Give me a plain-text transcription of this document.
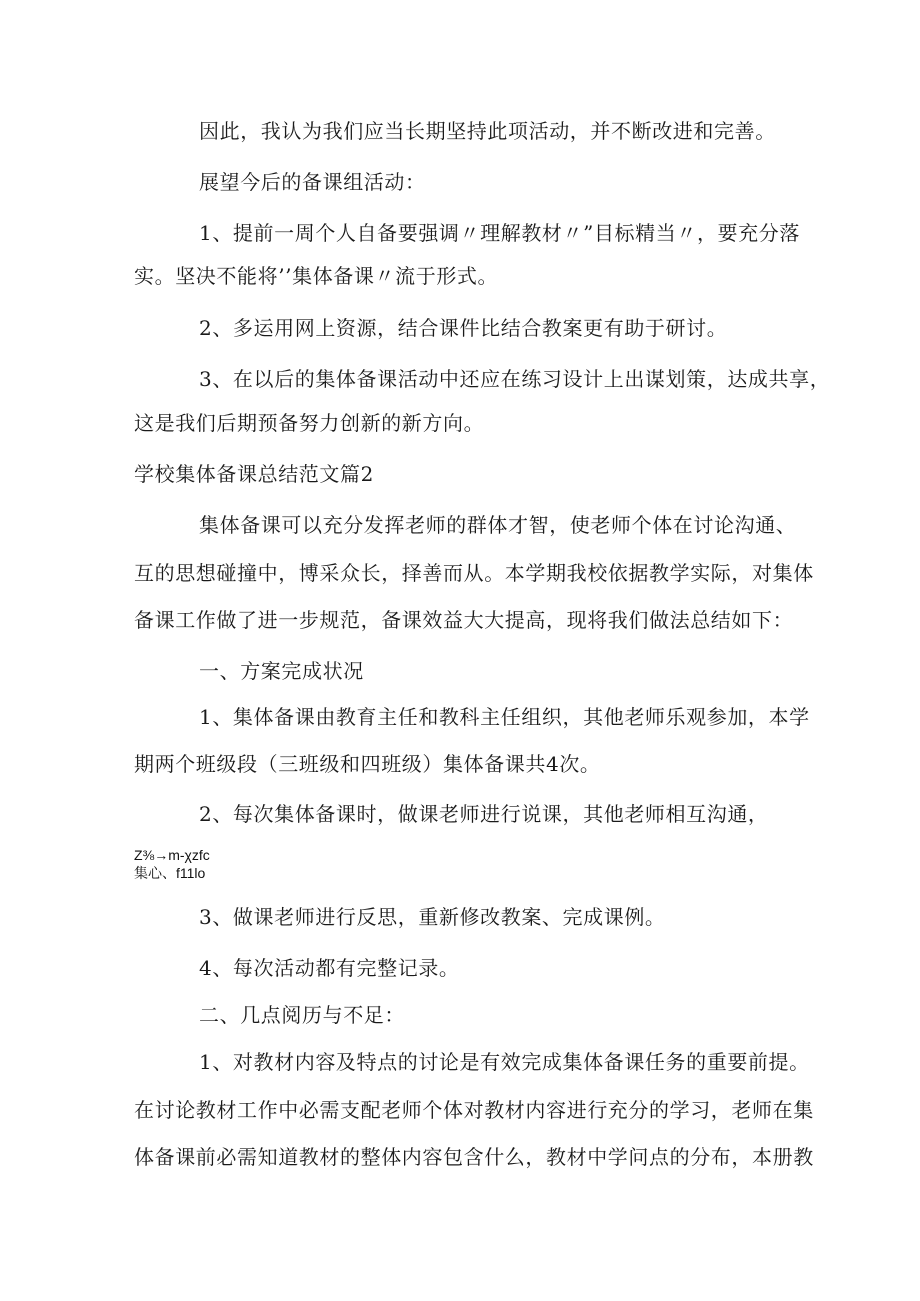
因此，我认为我们应当长期坚持此项活动，并不断改进和完善。
展望今后的备课组活动：
1、提前一周个人自备要强调〃理解教材〃”目标精当〃，要充分落
实。坚决不能将’’集体备课〃流于形式。
2、多运用网上资源，结合课件比结合教案更有助于研讨。
3、在以后的集体备课活动中还应在练习设计上出谋划策，达成共享，
这是我们后期预备努力创新的新方向。
学校集体备课总结范文篇2
集体备课可以充分发挥老师的群体才智，使老师个体在讨论沟通、
互的思想碰撞中，博采众长，择善而从。本学期我校依据教学实际，对集体
备课工作做了进一步规范，备课效益大大提高，现将我们做法总结如下：
一、方案完成状况
1、集体备课由教育主任和教科主任组织，其他老师乐观参加，本学
期两个班级段（三班级和四班级）集体备课共4次。
2、每次集体备课时，做课老师进行说课，其他老师相互沟通，
Z⅜→m-χzfc
集心、f11lo
3、做课老师进行反思，重新修改教案、完成课例。
4、每次活动都有完整记录。
二、几点阅历与不足：
1、对教材内容及特点的讨论是有效完成集体备课任务的重要前提。
在讨论教材工作中必需支配老师个体对教材内容进行充分的学习，老师在集
体备课前必需知道教材的整体内容包含什么，教材中学问点的分布，本册教
